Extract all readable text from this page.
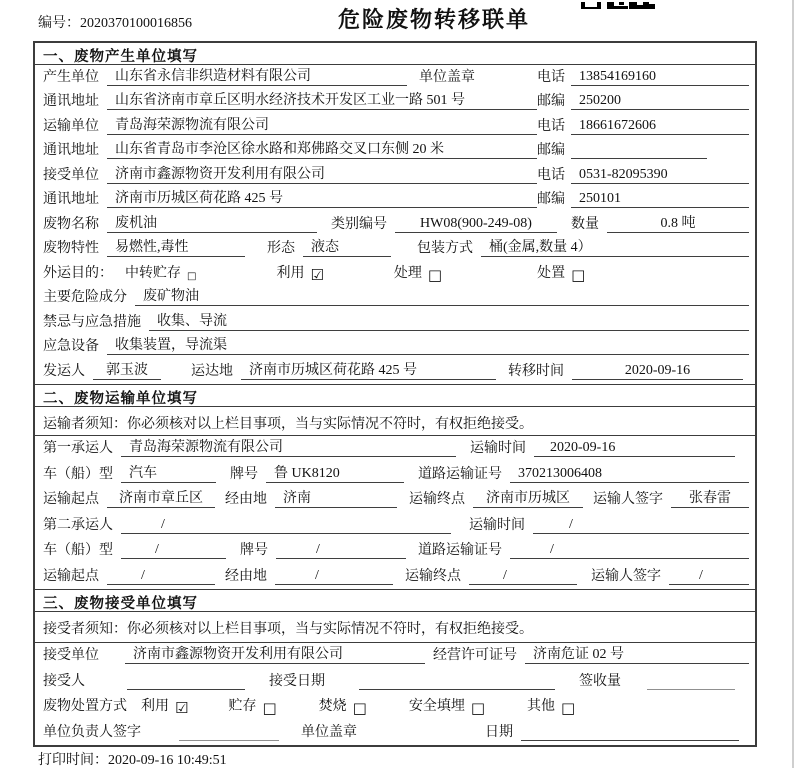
编号：2020370100016856	危险废物转移联单
一、废物产生单位填写
产生单位	山东省永信非织造材料有限公司	单位盖章	电话	13854169160
通讯地址	山东省济南市章丘区明水经济技术开发区工业一路 501 号	邮编	250200
运输单位	青岛海荣源物流有限公司	电话	18661672606
通讯地址	山东省青岛市李沧区徐水路和郑佛路交叉口东侧 20 米	邮编
接受单位	济南市鑫源物资开发利用有限公司	电话	0531-82095390
通讯地址	济南市历城区荷花路 425 号	邮编	250101
废物名称	废机油	类别编号	HW08(900-249-08)	数量	0.8 吨
废物特性	易燃性,毒性	形态	液态	包装方式	桶(金属,数量 4）
外运目的： 中转贮存 □	利用 ☑	处理 □	处置 □
主要危险成分	废矿物油
禁忌与应急措施	收集、导流
应急设备	收集装置，导流渠
发运人	郭玉波	运达地	济南市历城区荷花路 425 号	转移时间	2020-09-16
二、废物运输单位填写
运输者须知：你必须核对以上栏目事项，当与实际情况不符时，有权拒绝接受。
第一承运人	青岛海荣源物流有限公司	运输时间	2020-09-16
车（船）型	汽车	牌号	鲁 UK8120	道路运输证号	370213006408
运输起点	济南市章丘区	经由地	济南	运输终点	济南市历城区	运输人签字	张春雷
第二承运人	/	运输时间	/
车（船）型	/	牌号	/	道路运输证号	/
运输起点	/	经由地	/	运输终点	/	运输人签字	/
三、废物接受单位填写
接受者须知：你必须核对以上栏目事项，当与实际情况不符时，有权拒绝接受。
接受单位	济南市鑫源物资开发利用有限公司	经营许可证号	济南危证 02 号
接受人	接受日期	签收量
废物处置方式 利用 ☑	贮存 □	焚烧 □	安全填埋 □	其他 □
单位负责人签字	单位盖章	日期
打印时间：2020-09-16 10:49:51
